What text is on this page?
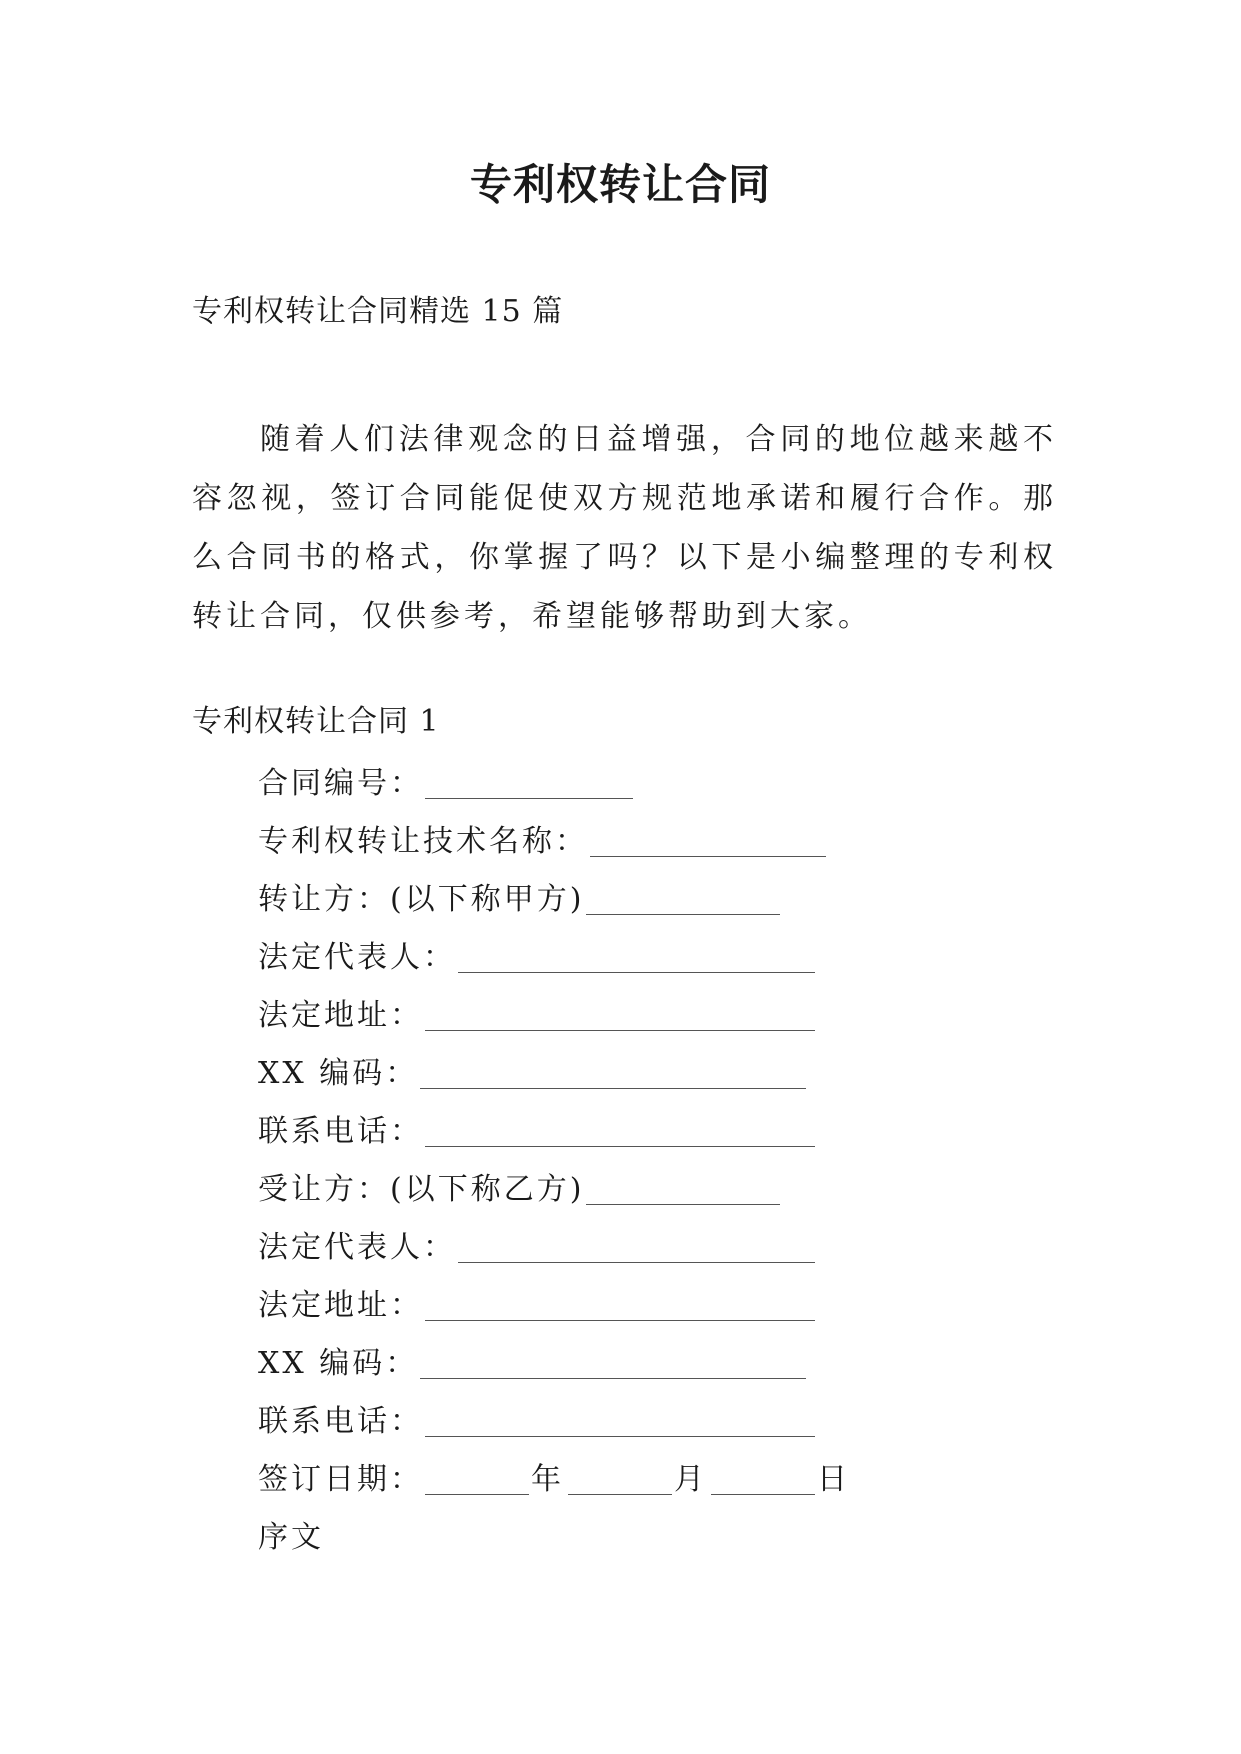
专利权转让合同
专利权转让合同精选 15 篇
随着人们法律观念的日益增强，合同的地位越来越不容忽视，签订合同能促使双方规范地承诺和履行合作。那么合同书的格式，你掌握了吗？以下是小编整理的专利权转让合同，仅供参考，希望能够帮助到大家。
专利权转让合同 1
合同编号：
专利权转让技术名称：
转让方：(以下称甲方)
法定代表人：
法定地址：
XX 编码：
联系电话：
受让方：(以下称乙方)
法定代表人：
法定地址：
XX 编码：
联系电话：
签订日期：	年	月	日
序文
